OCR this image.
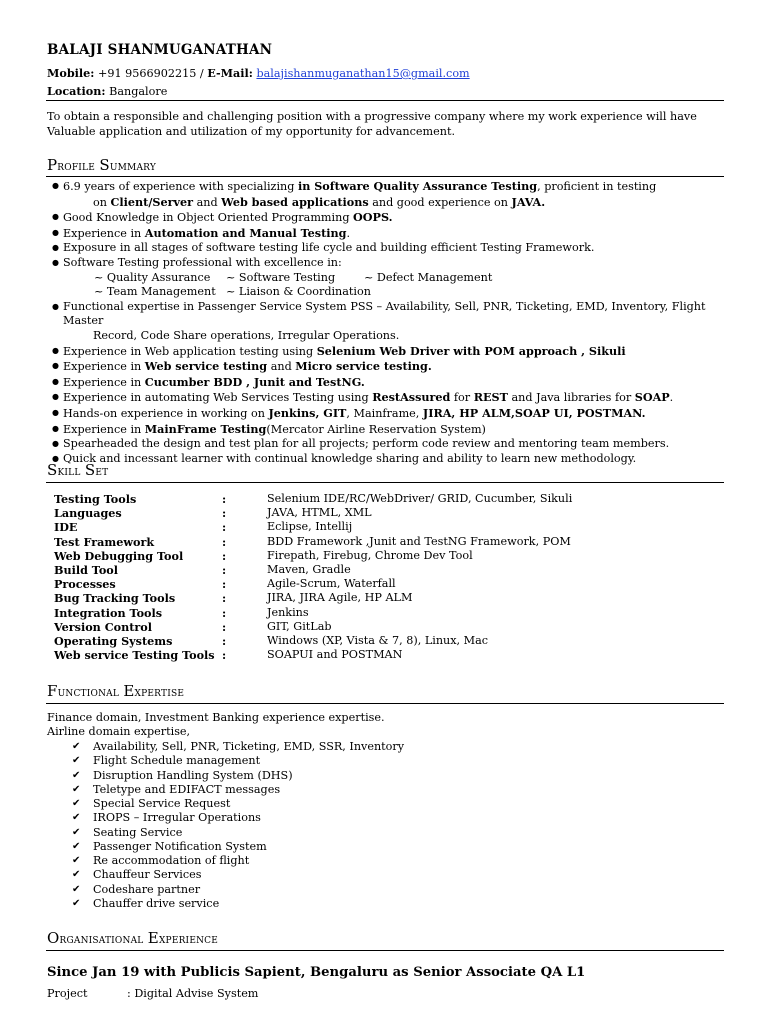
BALAJI SHANMUGANATHAN
Mobile: +91 9566902215 / E-Mail: balajishanmuganathan15@gmail.com
Location: Bangalore
To obtain a responsible and challenging position with a progressive company where my work experience will have Valuable application and utilization of my opportunity for advancement.
Profile Summary
● 6.9 years of experience with specializing in Software Quality Assurance Testing, proficient in testing
on Client/Server and Web based applications and good experience on JAVA.
● Good Knowledge in Object Oriented Programming OOPS.
● Experience in Automation and Manual Testing.
● Exposure in all stages of software testing life cycle and building efficient Testing Framework.
● Software Testing professional with excellence in:
~ Quality Assurance ~ Software Testing	~ Defect Management
~ Team Management ~ Liaison & Coordination
● Functional expertise in Passenger Service System PSS – Availability, Sell, PNR, Ticketing, EMD, Inventory, Flight Master
Record, Code Share operations, Irregular Operations.
● Experience in Web application testing using Selenium Web Driver with POM approach , Sikuli
● Experience in Web service testing and Micro service testing.
● Experience in Cucumber BDD , Junit and TestNG.
● Experience in automating Web Services Testing using RestAssured for REST and Java libraries for SOAP.
● Hands-on experience in working on Jenkins, GIT, Mainframe, JIRA, HP ALM,SOAP UI, POSTMAN.
● Experience in MainFrame Testing(Mercator Airline Reservation System)
● Spearheaded the design and test plan for all projects; perform code review and mentoring team members.
● Quick and incessant learner with continual knowledge sharing and ability to learn new methodology.
Skill Set
Testing Tools	:	Selenium IDE/RC/WebDriver/ GRID, Cucumber, Sikuli
Languages	:	JAVA, HTML, XML
IDE	:	Eclipse, Intellij
Test Framework	:	BDD Framework ,Junit and TestNG Framework, POM
Web Debugging Tool	:	Firepath, Firebug, Chrome Dev Tool
Build Tool	:	Maven, Gradle
Processes	:	Agile-Scrum, Waterfall
Bug Tracking Tools	:	JIRA, JIRA Agile, HP ALM
Integration Tools	:	Jenkins
Version Control	:	GIT, GitLab
Operating Systems	:	Windows (XP, Vista & 7, 8), Linux, Mac
Web service Testing Tools :	SOAPUI and POSTMAN
Functional Expertise
Finance domain, Investment Banking experience expertise.
Airline domain expertise,
✔ Availability, Sell, PNR, Ticketing, EMD, SSR, Inventory
✔ Flight Schedule management
✔ Disruption Handling System (DHS)
✔ Teletype and EDIFACT messages
✔ Special Service Request
✔ IROPS – Irregular Operations
✔ Seating Service
✔ Passenger Notification System
✔ Re accommodation of flight
✔ Chauffeur Services
✔ Codeshare partner
✔ Chauffer drive service
Organisational Experience
Since Jan 19 with Publicis Sapient, Bengaluru as Senior Associate QA L1
Project	: Digital Advise System
